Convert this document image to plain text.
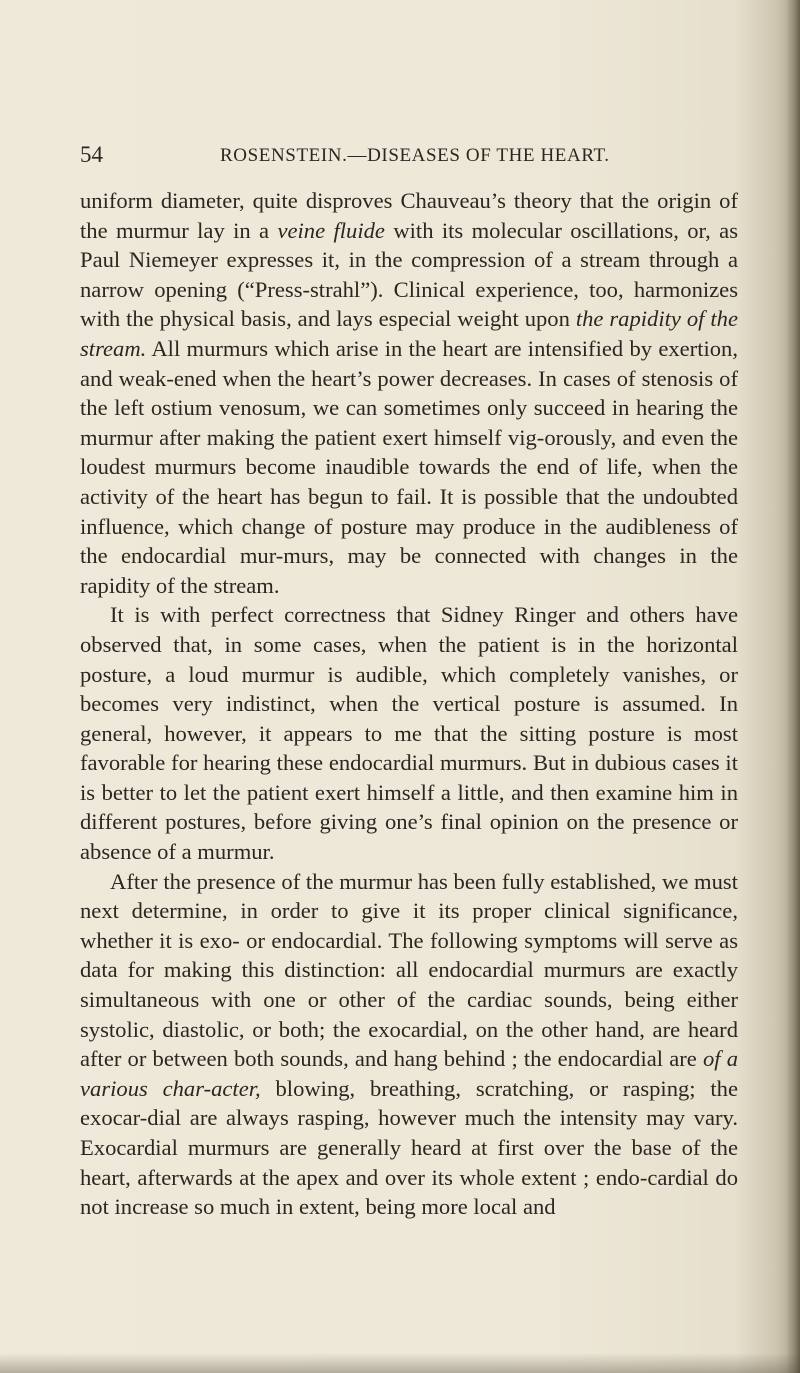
54	ROSENSTEIN.—DISEASES OF THE HEART.

uniform diameter, quite disproves Chauveau’s theory that the origin of the murmur lay in a veine fluide with its molecular oscillations, or, as Paul Niemeyer expresses it, in the compression of a stream through a narrow opening (“Press-strahl”). Clinical experience, too, harmonizes with the physical basis, and lays especial weight upon the rapidity of the stream. All murmurs which arise in the heart are intensified by exertion, and weak-ened when the heart’s power decreases. In cases of stenosis of the left ostium venosum, we can sometimes only succeed in hearing the murmur after making the patient exert himself vig-orously, and even the loudest murmurs become inaudible towards the end of life, when the activity of the heart has begun to fail. It is possible that the undoubted influence, which change of posture may produce in the audibleness of the endocardial mur-murs, may be connected with changes in the rapidity of the stream.

It is with perfect correctness that Sidney Ringer and others have observed that, in some cases, when the patient is in the horizontal posture, a loud murmur is audible, which completely vanishes, or becomes very indistinct, when the vertical posture is assumed. In general, however, it appears to me that the sitting posture is most favorable for hearing these endocardial murmurs. But in dubious cases it is better to let the patient exert himself a little, and then examine him in different postures, before giving one’s final opinion on the presence or absence of a murmur.

After the presence of the murmur has been fully established, we must next determine, in order to give it its proper clinical significance, whether it is exo- or endocardial. The following symptoms will serve as data for making this distinction: all endocardial murmurs are exactly simultaneous with one or other of the cardiac sounds, being either systolic, diastolic, or both; the exocardial, on the other hand, are heard after or between both sounds, and hang behind ; the endocardial are of a various char-acter, blowing, breathing, scratching, or rasping; the exocar-dial are always rasping, however much the intensity may vary. Exocardial murmurs are generally heard at first over the base of the heart, afterwards at the apex and over its whole extent ; endo-cardial do not increase so much in extent, being more local and
